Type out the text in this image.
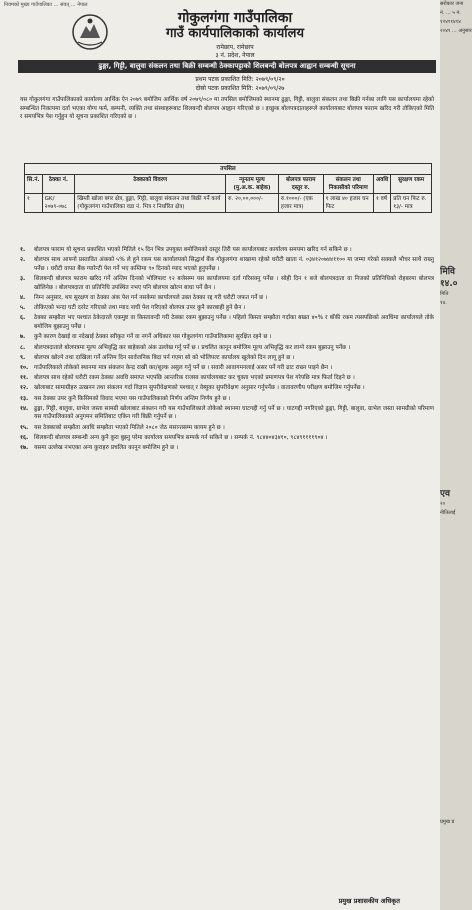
नियमको मुख्य गाउँपालिका … संवत् … नेपाल
गोकुलगंगा गाउँपालिका
गाउँ कार्यपालिकाको कार्यालय
रामेछाप, रामेछाप
३ नं. प्रदेश, नेपाल
ढुङ्गा, गिट्टी, बालुवा संकलन तथा बिक्री सम्बन्धी ठेक्कापट्टाको शिलबन्दी बोलपत्र आह्वान सम्बन्धी सूचना
प्रथम पटक प्रकाशित मिति: २०७९/०९/२०
दोस्रो पटक प्रकाशित मिति: २०७९/०९/२७
यस गोकुलगंगा गाउँपालिकाको कार्यालय आर्थिक ऐन २०७९ बमोजिम आर्थिक वर्ष २०७९/०८० मा तपसिल बमोजिमको स्थानमा ढुङ्गा, गिट्टी, बालुवा संकलन तथा बिक्री गर्नका लागि यस कार्यालयमा रहेको सम्बन्धित निकायमा दर्ता भएका योग्य फर्म, कम्पनी, व्यक्ति तथा संस्थाहरूबाट शिलबन्दी बोलपत्र आह्वान गरिएको छ । इच्छुक बोलपत्रदाताहरूले कार्यालयबाट बोलपत्र फाराम खरिद गरी तोकिएको मिति र समयभित्र पेश गर्नुहुन यो सूचना प्रकाशित गरिएको छ ।
तपसिल							
सि.नं.	ठेक्का नं.	ठेक्काको विवरण	न्यूनतम मूल्य (मु.अ.क. बाहेक)	बोलपत्र फाराम दस्तुर रु.	संकलन तथा निकासीको परिमाण	अवधि	सुरक्षण रकम
१	GK/२०७९-०७८	खिम्ती खोला बगर क्षेत्र, ढुङ्गा, गिट्टी, बालुवा संकलन तथा बिक्री गर्ने कार्य (गोकुलगंगा गाउँपालिका वडा नं. भित्र र निर्धारित क्षेत्र)	रु. २०,००,०००/-	रु.१०००/- (एक हजार मात्र)	१ लाख ४० हजार घन फिट	१ वर्ष	प्रति घन फिट रु. १३/- मात्र
१. बोलपत्र फाराम यो सूचना प्रकाशित भएको मितिले १५ दिन भित्र उपयुक्त बमोजिमको दस्तुर तिरी यस कार्यालयबाट कार्यालय समयमा खरिद गर्न सकिने छ ।
२. बोलपत्र साथ आफ्नो प्रस्तावित अंकको ५% ले हुने रकम यस कार्यालयको सिद्धार्थ बैंक गोकुलगंगा शाखामा रहेको धरौटी खाता नं. ०३४१२०७४४११०० मा जम्मा गरेको सक्कलै भौचर साथै राख्नु पर्नेछ । धरौटी वापत बैंक ग्यारेन्टी पेश गर्ने भए कम्तिमा ९० दिनको म्याद भएको हुनुपर्नेछ ।
३. शिलबन्दी बोलपत्र फाराम खरिद गर्ने अन्तिम दिनको भोलिपल्ट १२ बजेसम्म यस कार्यालयमा दर्ता गरिसक्नु पर्नेछ । सोही दिन १ बजे बोलपत्रदाता वा निजको प्रतिनिधिको रोहबरमा बोलपत्र खोलिनेछ । बोलपत्रदाता वा प्रतिनिधि उपस्थित नभए पनि बोलपत्र खोल्न बाधा पर्ने छैन ।
४. निम्न अनुसार, थप सुरक्षण वा ठेक्का अंक पेश गर्न नसकेमा कार्यालयले उक्त ठेक्का रद्द गरी धरौटी जफत गर्ने छ ।
५. तोकिएको भन्दा घटी दररेट गरिएको तथा म्याद नाघी पेश गरिएको बोलपत्र उपर कुनै कारबाही हुने छैन ।
६. ठेक्का सम्झौता भए पश्चात ठेकेदारले एकमुष्ट वा किस्तावन्दी गरी ठेक्का रकम बुझाउनु पर्नेछ । पहिलो किस्ता सम्झौता गर्दाका बखत ४०% र बाँकी रकम त्यसपछिको अवधिमा कार्यालयले तोके बमोजिम बुझाउनु पर्नेछ ।
७. कुनै कारण देखाई वा नदेखाई ठेक्का स्वीकृत गर्ने वा नगर्ने अधिकार यस गोकुलगंगा गाउँपालिकामा सुरक्षित रहने छ ।
८. बोलपत्रदाताले बोलपत्रमा मूल्य अभिवृद्धि कर बाहेकको अंक उल्लेख गर्नु पर्ने छ । प्रचलित कानून बमोजिम मूल्य अभिवृद्धि कर लाग्ने रकम बुझाउनु पर्नेछ ।
९. बोलपत्र खोल्ने तथा दाखिला गर्ने अन्तिम दिन सार्वजनिक बिदा पर्न गएमा सो को भोलिपल्ट कार्यालय खुलेको दिन लागू हुने छ ।
१०. गाउँपालिकाले तोकेको स्थानमा मात्र संकलन केन्द्र राखी कर/शुल्क असुल गर्नु पर्ने छ । सवारी आवागमनलाई असर पर्ने गरी ढाट राख्न पाइने छैन ।
११. बोलपत्र साथ रहेको धरौटी रकम ठेक्का अवधि समाप्त भएपछि आन्तरिक राजस्व कार्यालयबाट कर चुक्ता भएको प्रमाणपत्र पेश गरेपछि मात्र फिर्ता दिइने छ ।
१२. खोलाबाट सामाग्रीहरु उत्खनन तथा संकलन गर्दा विज्ञान सुपरीवेक्षणको पश्चात् र वेब्युका सुपरीवेक्षण अनुसार गर्नुपर्नेछ । वातावरणीय परीक्षण बमोजिम गर्नुपर्नेछ ।
१३. यस ठेक्का उपर कुनै किसिमको विवाद भएमा यस गाउँपालिकाको निर्णय अन्तिम निर्णय हुने छ ।
१४. ढुङ्गा, गिट्टी, बालुवा, ग्राभेल जस्ता सामग्री खोलाबाट संकलन गरी यस गाउँपालिकाले तोकेको स्थानमा घाटगद्दी गर्नु पर्ने छ । घाटगद्दी नगरिएको ढुङ्गा, गिट्टी, बालुवा, ग्राभेल जस्ता सामग्रीको परिमाण यस गाउँपालिकाको अनुगमन समितिबाट एकिन गरी बिक्री गर्नुपर्ने छ ।
१५. यस ठेक्काको सम्झौता अवधि सम्झौता भएको मितिले २०८० जेठ मसान्तसम्म कायम हुने छ ।
१६. शिलबन्दी बोलपत्र सम्बन्धी अन्य कुनै कुरा बुझ्नु परेमा कार्यालय समयभित्र सम्पर्क गर्न सकिने छ । सम्पर्क नं. ९८४४०४३४१०, ९८४९११११९०४ ।
१७. यसमा उल्लेख नभएका अन्य कुराहरु प्रचलित कानून बमोजिम हुने छ ।
प्रमुख प्रशासकीय अधिकृत
सरोकार जना
नं. ... ५ नं.
१२४९१४१४
२०४९ ... अनुसार
मिवि
१४.०
मिति
१४.
एव
२०
नीतिलाई
प्रमुख प्र
